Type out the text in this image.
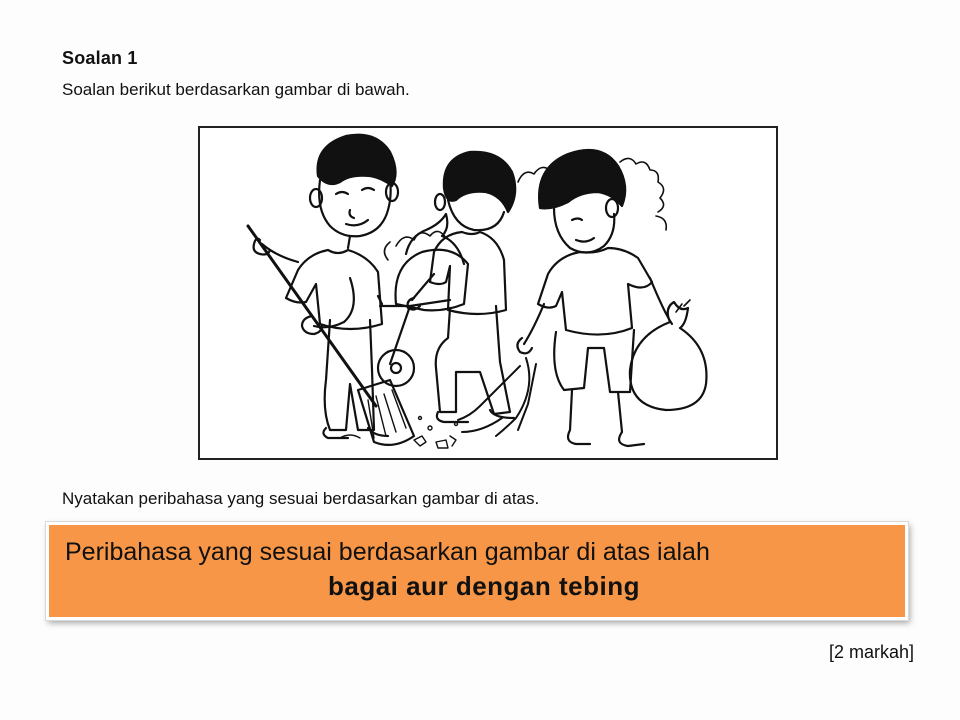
Soalan 1
Soalan berikut berdasarkan gambar di bawah.
Nyatakan peribahasa yang sesuai berdasarkan gambar di atas.
Peribahasa yang sesuai berdasarkan gambar di atas ialah
bagai aur dengan tebing
[2 markah]
